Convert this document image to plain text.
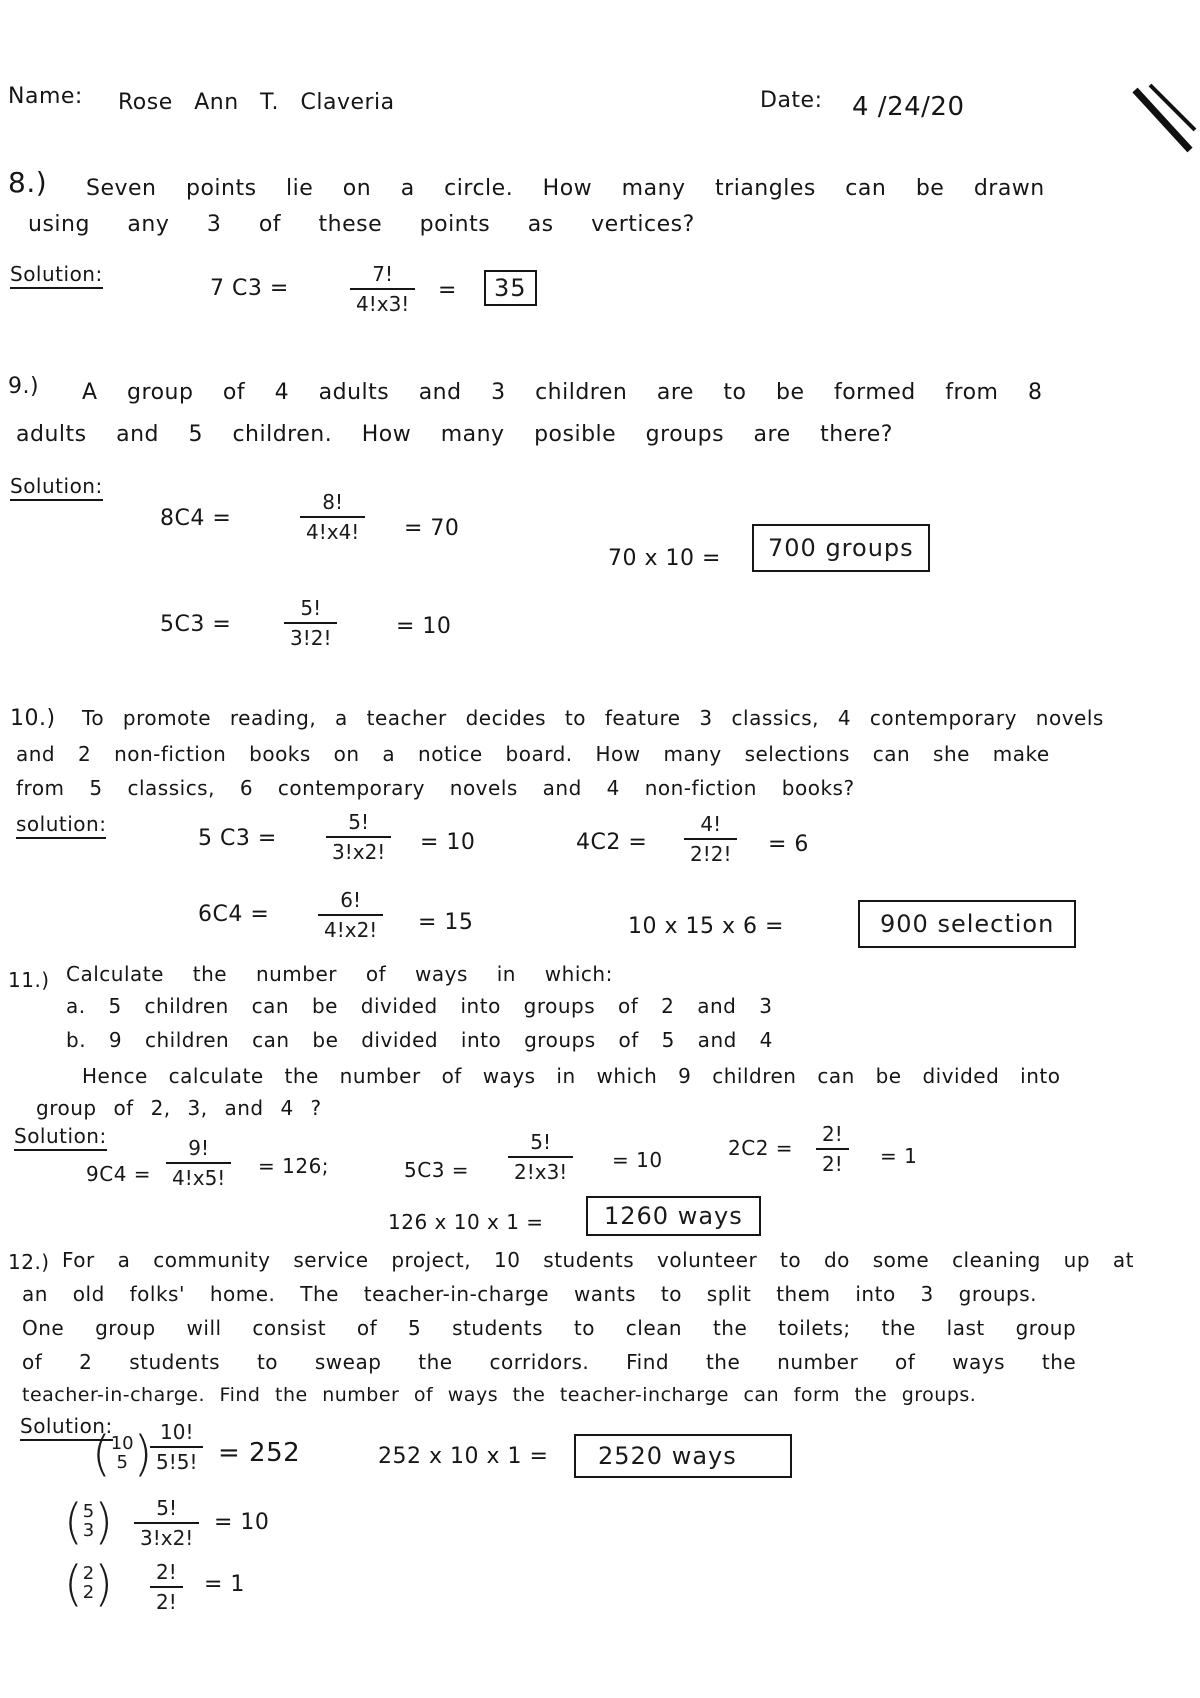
Name: Rose Ann T. Claveria	Date: 4 /24/20
8.) Seven points lie on a circle. How many triangles can be drawn
using any 3 of these points as vertices?
Solution:
7 C3 =	$\frac{7!}{4!x3!}$ =	35
9.) A group of 4 adults and 3 children are to be formed from 8
adults and 5 children. How many posible groups are there?
Solution:
8C4 =	$\frac{8!}{4!x4!} = 70$
70 x 10 =	700 groups
5C3 =	$\frac{5!}{3!2!}$	= 10
10.) To promote reading, a teacher decides to feature 3 classics, 4 contemporary novels
and 2 non-fiction books on a notice board. How many selections can she make
from 5 classics, 6 contemporary novels and 4 non-fiction books?
solution:
5 $C3 = \frac{5!}{3!x2!} = 10$	$4C2 = \frac{4!}{2!2!} = 6$
$6C4 = \frac{6!}{4!x2!} = 15$	10 x 15 x 6 =	900 selection
11.) Calculate the number of ways in which:
a. 5 children can be divided into groups of 2 and 3
b. 9 children can be divided into groups of 5 and 4
Hence calculate the number of ways in which 9 children can be divided into
group of 2, 3, and 4 ?
Solution:
$9C4 = \frac{9!}{4!x5!} = 126$;	$5C3 = \frac{5!}{2!x3!} = 10$	$2C2 = \frac{2!}{2!} = 1$
126 x 10 x 1 =	1260 ways
12.) For a community service project, 10 students volunteer to do some cleaning up at
an old folks' home. The teacher-in-charge wants to split them into 3 groups.
One group will consist of 5 students to clean the toilets; the last group
of 2 students to sweap the corridors. Find the number of ways the
teacher-in-charge. Find the number of ways the teacher-incharge can form the groups.
Solution:
( 10
5 )
$\frac{10!}{5!5!} = 252$	252 x 10 x 1 =	2520 ways
( 5
3 ) $\frac{5!}{3!x2!} = 10$
( 2
2 ) $\frac{2!}{2!} = 1$
